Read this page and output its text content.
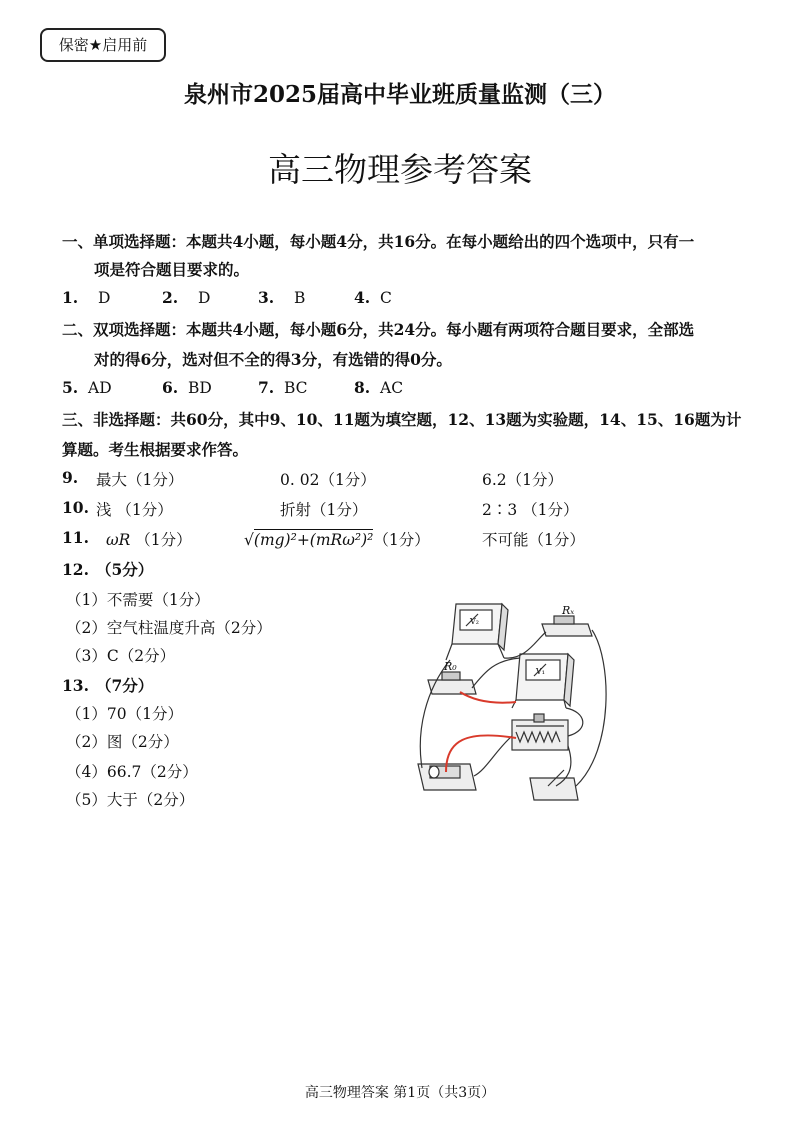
保密★启用前
泉州市2025届高中毕业班质量监测（三）
高三物理参考答案
一、单项选择题：本题共4小题，每小题4分，共16分。在每小题给出的四个选项中，只有一
项是符合题目要求的。
1. D	2. D	3. B	4. C
二、双项选择题：本题共4小题，每小题6分，共24分。每小题有两项符合题目要求，全部选
对的得6分，选对但不全的得3分，有选错的得0分。
5. AD	6. BD	7. BC	8. AC
三、非选择题：共60分，其中9、10、11题为填空题，12、13题为实验题，14、15、16题为计
算题。考生根据要求作答。
9. 最大（1分）	0. 02（1分）	6.2（1分）
10. 浅 （1分）	折射（1分）	2∶3 （1分）
11. ωR （1分）	√(mg)²+(mRω²)²（1分）	不可能（1分）
12. （5分）
（1）不需要（1分）
（2）空气柱温度升高（2分）
（3）C（2分）
13. （7分）
（1）70（1分）
（2）图（2分）
（4）66.7（2分）
（5）大于（2分）
R₀
Rₓ
V₂
V₁
高三物理答案 第1页（共3页）
